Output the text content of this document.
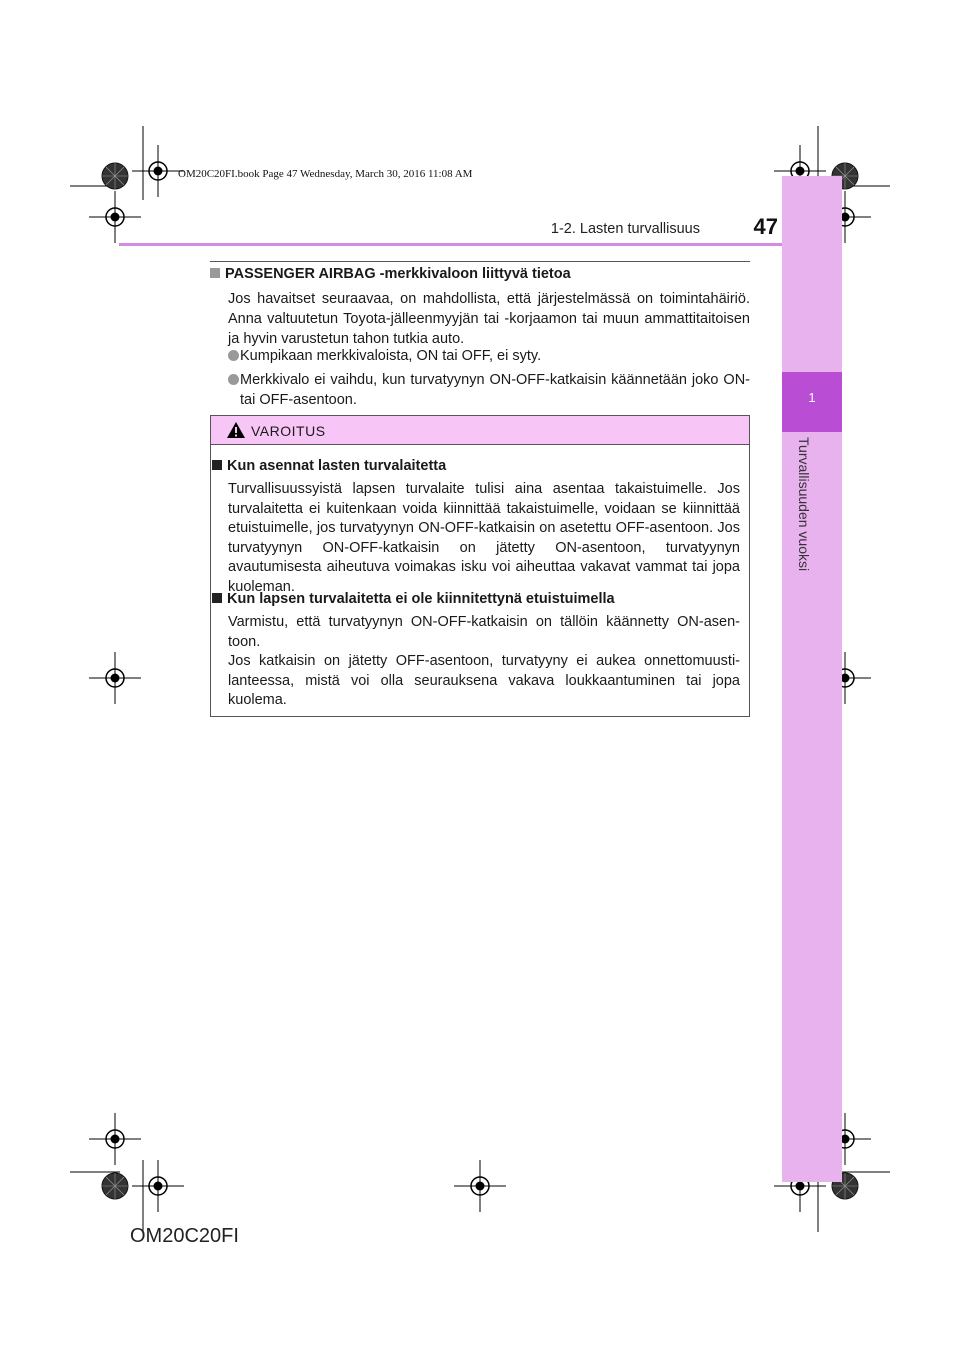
1
Turvallisuuden vuoksi
OM20C20FI.book Page 47 Wednesday, March 30, 2016 11:08 AM
1-2. Lasten turvallisuus	47
PASSENGER AIRBAG -merkkivaloon liittyvä tietoa
Jos havaitset seuraavaa, on mahdollista, että järjestelmässä on toimintahäiriö. Anna valtuutetun Toyota-jälleenmyyjän tai -korjaamon tai muun ammattitaitoisen ja hyvin varustetun tahon tutkia auto.
Kumpikaan merkkivaloista, ON tai OFF, ei syty.
Merkkivalo ei vaihdu, kun turvatyynyn ON-OFF-katkaisin käännetään joko ON- tai OFF-asentoon.
VAROITUS
Kun asennat lasten turvalaitetta
Turvallisuussyistä lapsen turvalaite tulisi aina asentaa takaistuimelle. Jos turvalaitetta ei kuitenkaan voida kiinnittää takaistuimelle, voidaan se kiinnittää etuistuimelle, jos turvatyynyn ON-OFF-katkaisin on asetettu OFF-asentoon. Jos turvatyynyn ON-OFF-katkaisin on jätetty ON-asentoon, turvatyynyn avautumisesta aiheutuva voimakas isku voi aiheuttaa vakavat vammat tai jopa kuoleman.
Kun lapsen turvalaitetta ei ole kiinnitettynä etuistuimella
Varmistu, että turvatyynyn ON-OFF-katkaisin on tällöin käännetty ON-asen-toon.
Jos katkaisin on jätetty OFF-asentoon, turvatyyny ei aukea onnettomuusti-lanteessa, mistä voi olla seurauksena vakava loukkaantuminen tai jopa kuolema.
OM20C20FI
